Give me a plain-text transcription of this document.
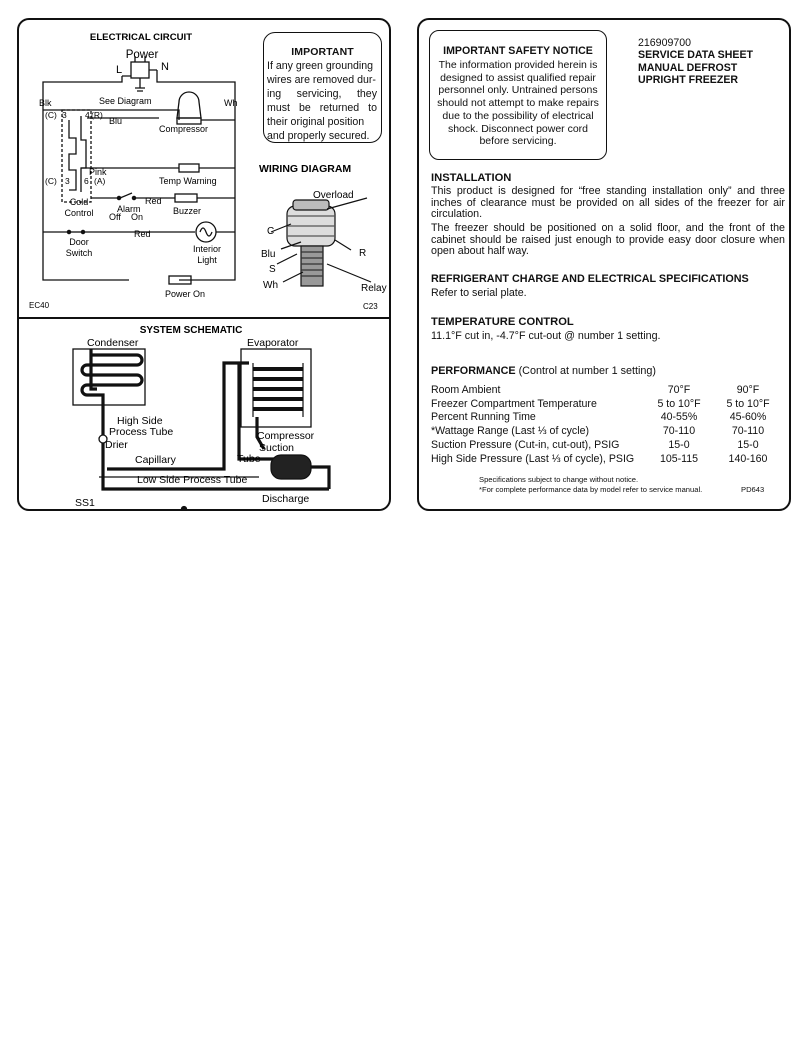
ELECTRICAL CIRCUIT
Power
L	N
Blk	Wh
See Diagram
Blu
Compressor
(C) 3 4 (R)
Pink
(C) 3 6 (A)	Temp Warning
Cold
Control
Red
Alarm
Off On
Buzzer
Red
Door
Switch	Interior
Light
Power On
EC40
IMPORTANT
If any green grounding
wires are removed dur-
ing servicing, they
must be returned to
their original position
and properly secured.
WIRING DIAGRAM
Overload
C
Blu
S
Wh
R
Relay
C23
SYSTEM SCHEMATIC
Condenser	Evaporator
High Side
Process Tube
Drier
Compressor
Suction
Tube
Capillary
Low Side Process Tube
Discharge
SS1
IMPORTANT SAFETY NOTICE
The information provided herein is
designed to assist qualified repair
personnel only. Untrained persons
should not attempt to make repairs
due to the possibility of electrical
shock. Disconnect power cord
before servicing.
216909700
SERVICE DATA SHEET
MANUAL DEFROST
UPRIGHT FREEZER
INSTALLATION
This product is designed for “free standing installation only” and three inches of clearance must be provided on all sides of the freezer for air circulation.
The freezer should be positioned on a solid floor, and the front of the cabinet should be raised just enough to provide easy door closure when open about half way.
REFRIGERANT CHARGE AND ELECTRICAL SPECIFICATIONS
Refer to serial plate.
TEMPERATURE CONTROL
11.1°F cut in, -4.7°F cut-out @ number 1 setting.
PERFORMANCE (Control at number 1 setting)
Room Ambient	70°F	90°F
Freezer Compartment Temperature	5 to 10°F	5 to 10°F
Percent Running Time	40-55%	45-60%
*Wattage Range (Last ⅓ of cycle)	70-110	70-110
Suction Pressure (Cut-in, cut-out), PSIG	15-0	15-0
High Side Pressure (Last ⅓ of cycle), PSIG	105-115	140-160
Specifications subject to change without notice.
*For complete performance data by model refer to service manual.	PD643
